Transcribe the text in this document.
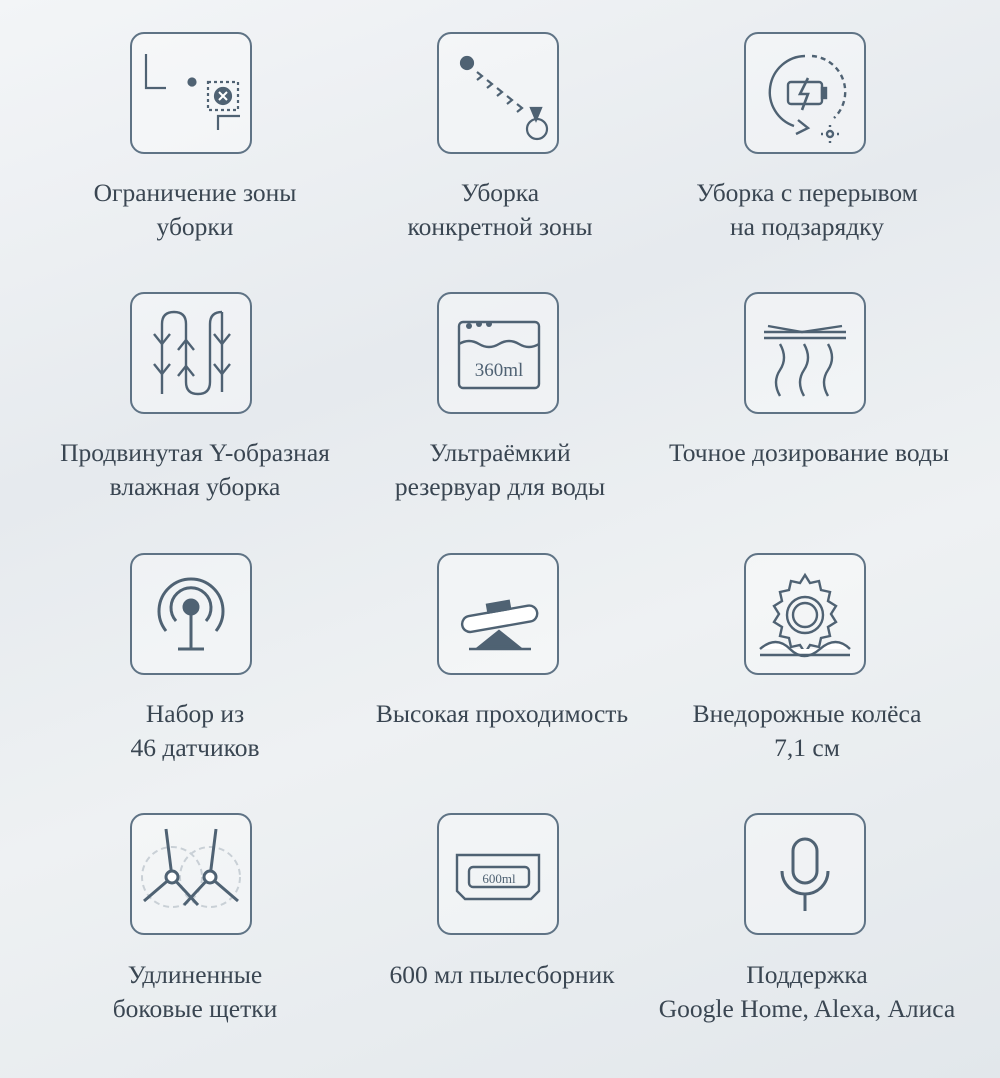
Ограничение зоны
уборки
Уборка
конкретной зоны
Уборка с перерывом
на подзарядку
Продвинутая Y-образная
влажная уборка
360ml
Ультраёмкий
резервуар для воды
Точное дозирование воды
Набор из
46 датчиков
Высокая проходимость	Внедорожные колёса
7,1 см
Удлиненные
боковые щетки
600ml
600 мл пылесборник	Поддержка
Google Home, Alexa, Алиса
